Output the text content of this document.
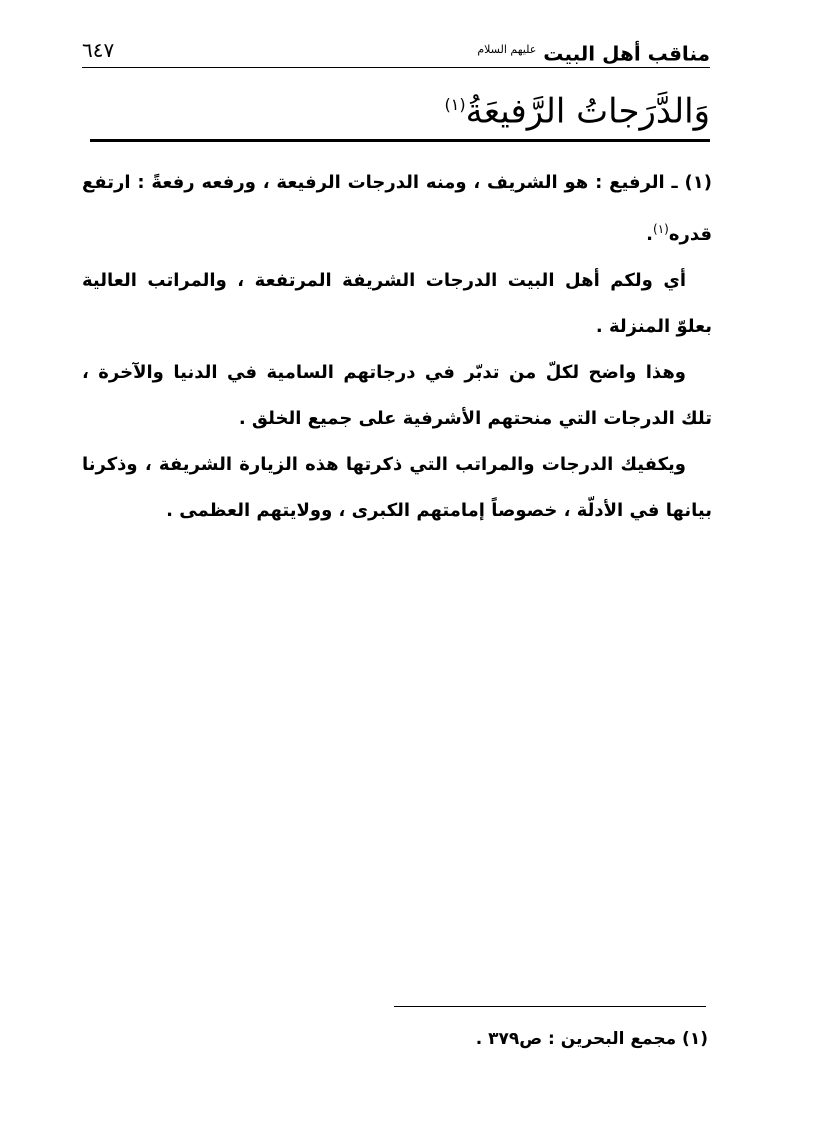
مناقب أهل البيت $^{عليهم السلام}$
٦٤٧
وَالدَّرَجاتُ الرَّفيعَةُ$^{(١)}$

(١) ـ الرفيع : هو الشريف ، ومنه الدرجات الرفيعة ، ورفعه رفعةً : ارتفع قدره$^{(١)}$.

أي ولكم أهل البيت الدرجات الشريفة المرتفعة ، والمراتب العالية بعلوّ المنزلة .

وهذا واضح لكلّ من تدبّر في درجاتهم السامية في الدنيا والآخرة ، تلك الدرجات التي منحتهم الأشرفية على جميع الخلق .

ويكفيك الدرجات والمراتب التي ذكرتها هذه الزيارة الشريفة ، وذكرنا بيانها في الأدلّة ، خصوصاً إمامتهم الكبرى ، وولايتهم العظمى .

(١) مجمع البحرين : ص٣٧٩ .
